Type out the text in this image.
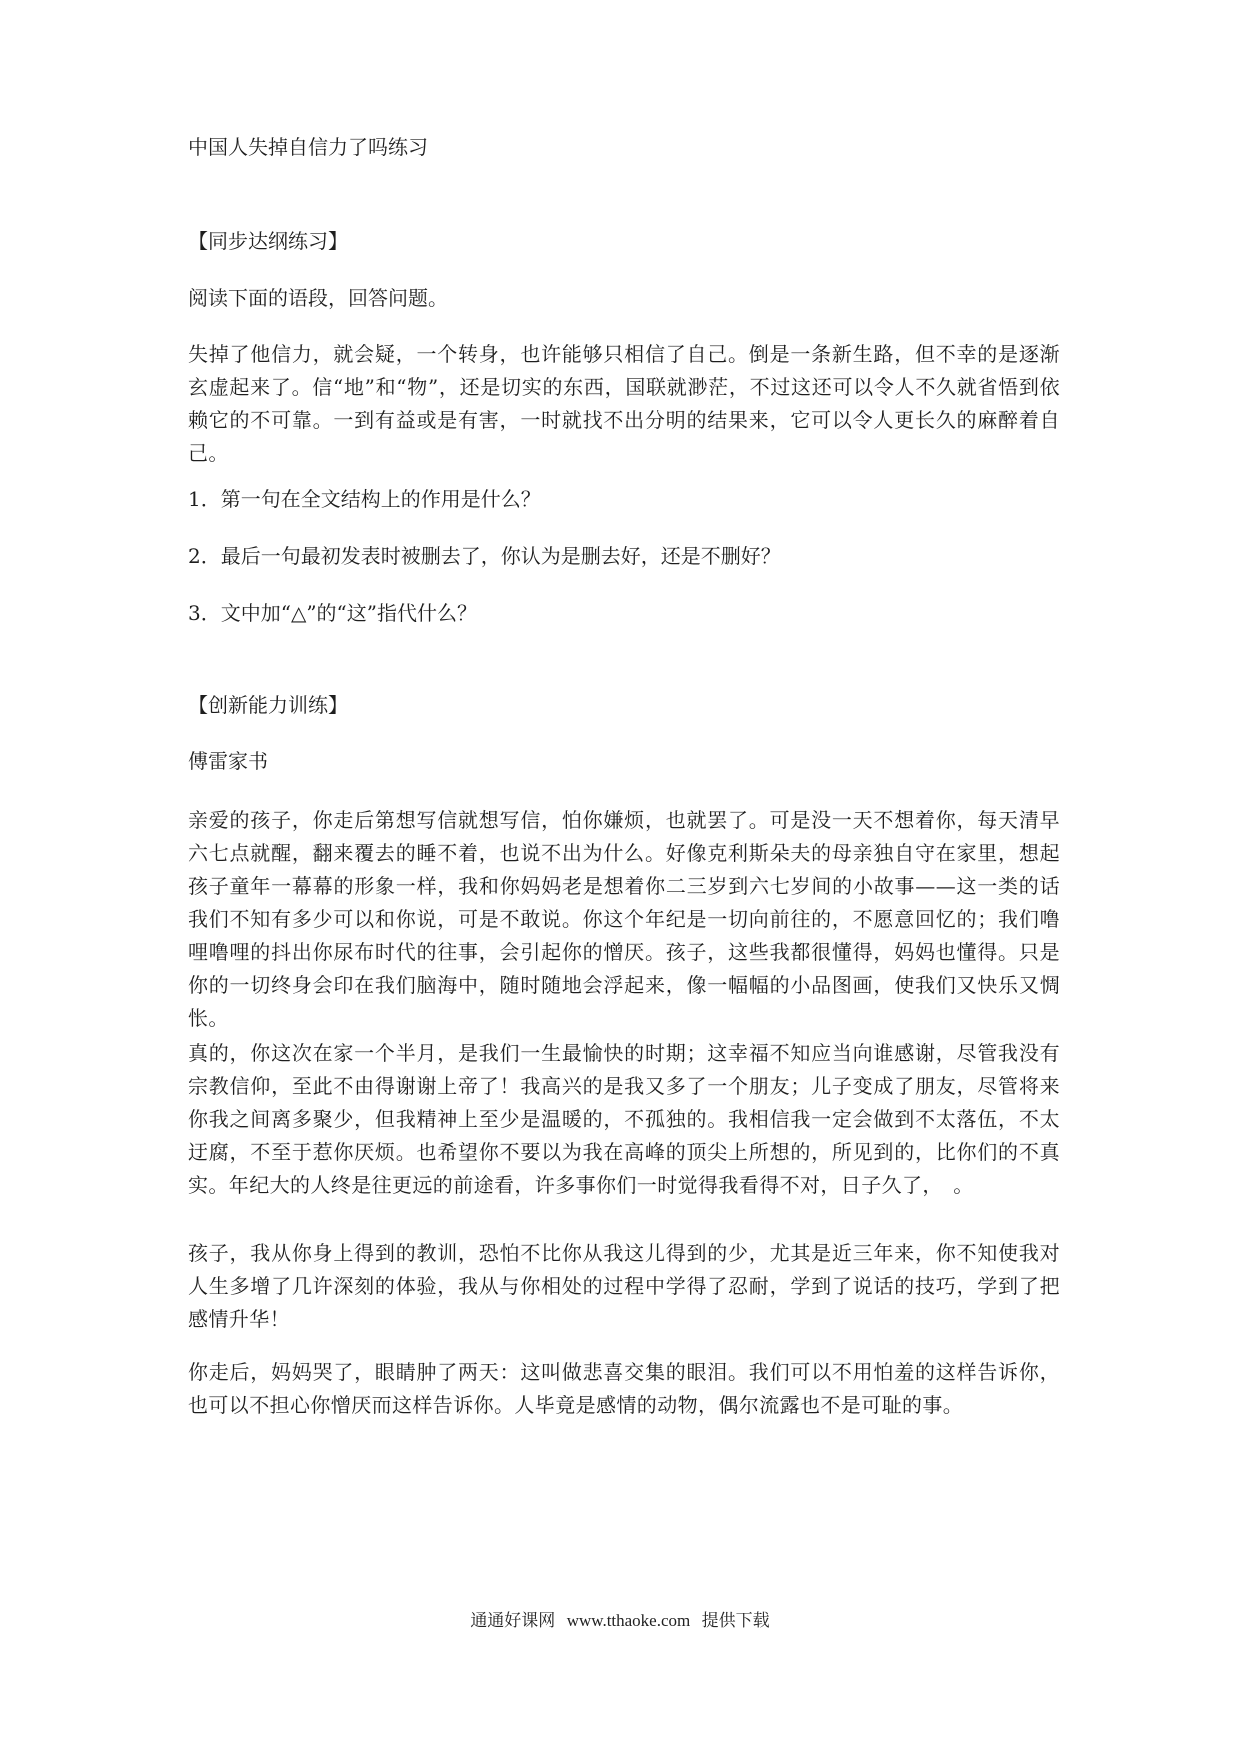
中国人失掉自信力了吗练习
【同步达纲练习】
阅读下面的语段，回答问题。

失掉了他信力，就会疑，一个转身，也许能够只相信了自己。倒是一条新生路，但不幸的是逐渐玄虚起来了。信“地”和“物”，还是切实的东西，国联就渺茫，不过这还可以令人不久就省悟到依赖它的不可靠。一到有益或是有害，一时就找不出分明的结果来，它可以令人更长久的麻醉着自己。

1．第一句在全文结构上的作用是什么？
2．最后一句最初发表时被删去了，你认为是删去好，还是不删好？
3．文中加“△”的“这”指代什么？
【创新能力训练】
傅雷家书

亲爱的孩子，你走后第想写信就想写信，怕你嫌烦，也就罢了。可是没一天不想着你，每天清早六七点就醒，翻来覆去的睡不着，也说不出为什么。好像克利斯朵夫的母亲独自守在家里，想起孩子童年一幕幕的形象一样，我和你妈妈老是想着你二三岁到六七岁间的小故事——这一类的话我们不知有多少可以和你说，可是不敢说。你这个年纪是一切向前往的，不愿意回忆的；我们噜哩噜哩的抖出你尿布时代的往事，会引起你的憎厌。孩子，这些我都很懂得，妈妈也懂得。只是你的一切终身会印在我们脑海中，随时随地会浮起来，像一幅幅的小品图画，使我们又快乐又惆怅。

真的，你这次在家一个半月，是我们一生最愉快的时期；这幸福不知应当向谁感谢，尽管我没有宗教信仰，至此不由得谢谢上帝了！我高兴的是我又多了一个朋友；儿子变成了朋友，尽管将来你我之间离多聚少，但我精神上至少是温暖的，不孤独的。我相信我一定会做到不太落伍，不太迂腐，不至于惹你厌烦。也希望你不要以为我在高峰的顶尖上所想的，所见到的，比你们的不真实。年纪大的人终是往更远的前途看，许多事你们一时觉得我看得不对，日子久了，　。

孩子，我从你身上得到的教训，恐怕不比你从我这儿得到的少，尤其是近三年来，你不知使我对人生多增了几许深刻的体验，我从与你相处的过程中学得了忍耐，学到了说话的技巧，学到了把感情升华！

你走后，妈妈哭了，眼睛肿了两天：这叫做悲喜交集的眼泪。我们可以不用怕羞的这样告诉你，也可以不担心你憎厌而这样告诉你。人毕竟是感情的动物，偶尔流露也不是可耻的事。

通通好课网 www.tthaoke.com 提供下载
